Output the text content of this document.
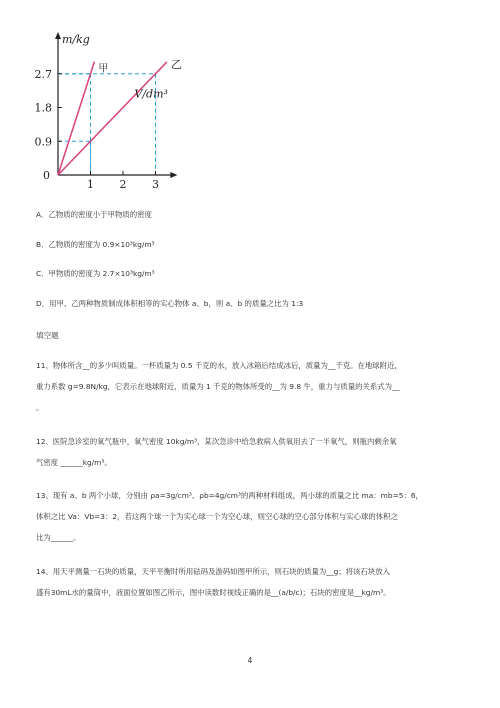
甲	乙
2.7
1.8
0.9
1 2 3
0
m/kg
V/dm³
A．乙物质的密度小于甲物质的密度
B．乙物质的密度为 0.9×10³kg/m³
C．甲物质的密度为 2.7×10³kg/m³
D．用甲、乙两种物质制成体积相等的实心物体 a、b，则 a、b 的质量之比为 1:3
填空题
11、物体所含__的多少叫质量。一杯质量为 0.5 千克的水，放入冰箱后结成冰后，质量为__千克。在地球附近，
重力系数 g=9.8N/kg，它表示在地球附近，质量为 1 千克的物体所受的__为 9.8 牛，重力与质量的关系式为__
。
12、医院急诊室的氧气瓶中，氧气密度 10kg/m³，某次急诊中给急救病人供氧用去了一半氧气，则瓶内剩余氧
气密度 ______kg/m³。
13、现有 a、b 两个小球，分别由 ρa=3g/cm³、ρb=4g/cm³的两种材料组成，两小球的质量之比 ma：mb=5：6，
体积之比 Va：Vb=3：2，若这两个球一个为实心球一个为空心球，则空心球的空心部分体积与实心球的体积之
比为______。
14、用天平测量一石块的质量，天平平衡时所用砝码及游码如图甲所示，则石块的质量为__g；将该石块放入
盛有30mL水的量筒中，液面位置如图乙所示，图中读数时视线正确的是__(a/b/c)；石块的密度是__kg/m³。
4
